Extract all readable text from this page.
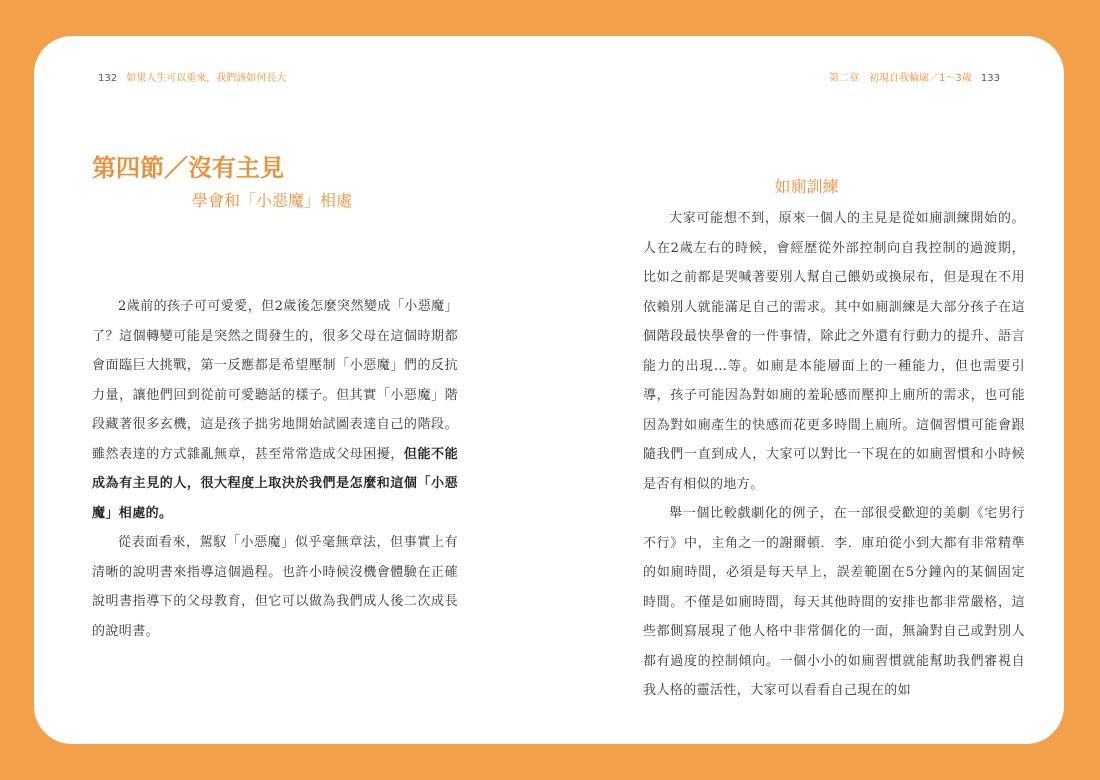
132 如果人生可以重來，我們該如何長大
第四節／沒有主見
學會和「小惡魔」相處

2歲前的孩子可可愛愛，但2歲後怎麼突然變成「小惡魔」了？這個轉變可能是突然之間發生的，很多父母在這個時期都會面臨巨大挑戰，第一反應都是希望壓制「小惡魔」們的反抗力量，讓他們回到從前可愛聽話的樣子。但其實「小惡魔」階段藏著很多玄機，這是孩子拙劣地開始試圖表達自己的階段。雖然表達的方式雜亂無章，甚至常常造成父母困擾，但能不能成為有主見的人，很大程度上取決於我們是怎麼和這個「小惡魔」相處的。

從表面看來，駕馭「小惡魔」似乎毫無章法，但事實上有清晰的說明書來指導這個過程。也許小時候沒機會體驗在正確說明書指導下的父母教育，但它可以做為我們成人後二次成長的說明書。

第二章　初現自我輪廓／1～3歲 133
如廁訓練

大家可能想不到，原來一個人的主見是從如廁訓練開始的。人在2歲左右的時候，會經歷從外部控制向自我控制的過渡期，比如之前都是哭喊著要別人幫自己餵奶或換尿布，但是現在不用依賴別人就能滿足自己的需求。其中如廁訓練是大部分孩子在這個階段最快學會的一件事情，除此之外還有行動力的提升、語言能力的出現…等。如廁是本能層面上的一種能力，但也需要引導，孩子可能因為對如廁的羞恥感而壓抑上廁所的需求，也可能因為對如廁產生的快感而花更多時間上廁所。這個習慣可能會跟隨我們一直到成人，大家可以對比一下現在的如廁習慣和小時候是否有相似的地方。

舉一個比較戲劇化的例子，在一部很受歡迎的美劇《宅男行不行》中，主角之一的謝爾頓．李．庫珀從小到大都有非常精準的如廁時間，必須是每天早上，誤差範圍在5分鐘內的某個固定時間。不僅是如廁時間，每天其他時間的安排也都非常嚴格，這些都側寫展現了他人格中非常個化的一面，無論對自己或對別人都有過度的控制傾向。一個小小的如廁習慣就能幫助我們審視自我人格的靈活性，大家可以看看自己現在的如
